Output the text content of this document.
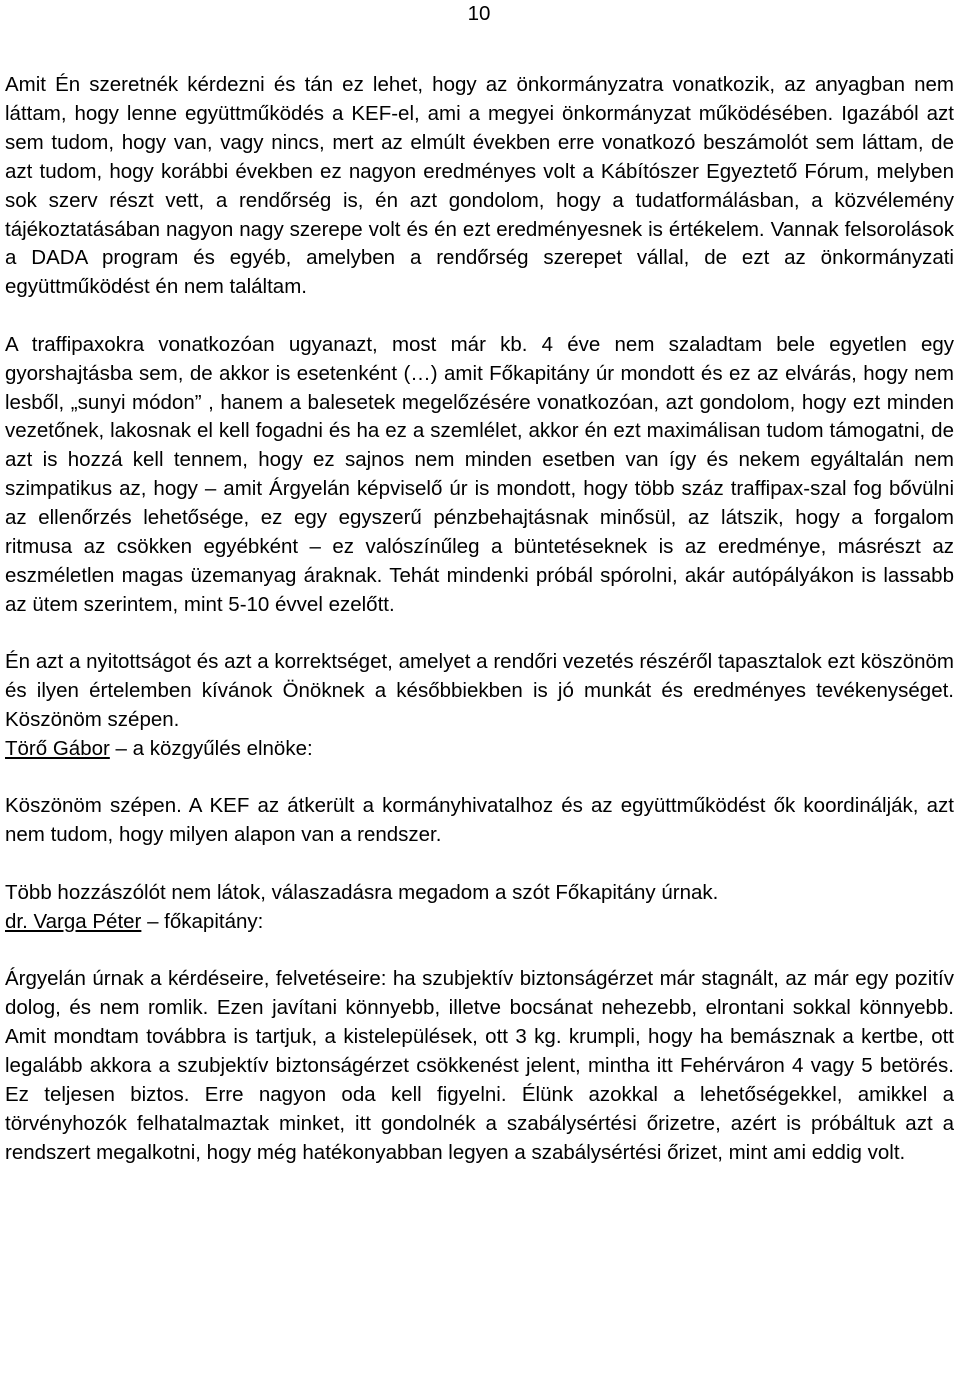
10

Amit Én szeretnék kérdezni és tán ez lehet, hogy az önkormányzatra vonatkozik, az anyagban nem láttam, hogy lenne együttműködés a KEF-el, ami a megyei önkormányzat működésében. Igazából azt sem tudom, hogy van, vagy nincs, mert az elmúlt években erre vonatkozó beszámolót sem láttam, de azt tudom, hogy korábbi években ez nagyon eredményes volt a Kábítószer Egyeztető Fórum, melyben sok szerv részt vett, a rendőrség is, én azt gondolom, hogy a tudatformálásban, a közvélemény tájékoztatásában nagyon nagy szerepe volt és én ezt eredményesnek is értékelem. Vannak felsorolások a DADA program és egyéb, amelyben a rendőrség szerepet vállal, de ezt az önkormányzati együttműködést én nem találtam.

A traffipaxokra vonatkozóan ugyanazt, most már kb. 4 éve nem szaladtam bele egyetlen egy gyorshajtásba sem, de akkor is esetenként (…) amit Főkapitány úr mondott és ez az elvárás, hogy nem lesből, „sunyi módon” , hanem a balesetek megelőzésére vonatkozóan, azt gondolom, hogy ezt minden vezetőnek, lakosnak el kell fogadni és ha ez a szemlélet, akkor én ezt maximálisan tudom támogatni, de azt is hozzá kell tennem, hogy ez sajnos nem minden esetben van így és nekem egyáltalán nem szimpatikus az, hogy – amit Árgyelán képviselő úr is mondott, hogy több száz traffipax-szal fog bővülni az ellenőrzés lehetősége, ez egy egyszerű pénzbehajtásnak minősül, az látszik, hogy a forgalom ritmusa az csökken egyébként – ez valószínűleg a büntetéseknek is az eredménye, másrészt az eszméletlen magas üzemanyag áraknak. Tehát mindenki próbál spórolni, akár autópályákon is lassabb az ütem szerintem, mint 5-10 évvel ezelőtt.

Én azt a nyitottságot és azt a korrektséget, amelyet a rendőri vezetés részéről tapasztalok ezt köszönöm és ilyen értelemben kívánok Önöknek a későbbiekben is jó munkát és eredményes tevékenységet. Köszönöm szépen.

Törő Gábor – a közgyűlés elnöke:

Köszönöm szépen. A KEF az átkerült a kormányhivatalhoz és az együttműködést ők koordinálják, azt nem tudom, hogy milyen alapon van a rendszer.

Több hozzászólót nem látok, válaszadásra megadom a szót Főkapitány úrnak.

dr. Varga Péter – főkapitány:

Árgyelán úrnak a kérdéseire, felvetéseire: ha szubjektív biztonságérzet már stagnált, az már egy pozitív dolog, és nem romlik. Ezen javítani könnyebb, illetve bocsánat nehezebb, elrontani sokkal könnyebb. Amit mondtam továbbra is tartjuk, a kistelepülések, ott 3 kg. krumpli, hogy ha bemásznak a kertbe, ott legalább akkora a szubjektív biztonságérzet csökkenést jelent, mintha itt Fehérváron 4 vagy 5 betörés. Ez teljesen biztos. Erre nagyon oda kell figyelni. Élünk azokkal a lehetőségekkel, amikkel a törvényhozók felhatalmaztak minket, itt gondolnék a szabálysértési őrizetre, azért is próbáltuk azt a rendszert megalkotni, hogy még hatékonyabban legyen a szabálysértési őrizet, mint ami eddig volt.
